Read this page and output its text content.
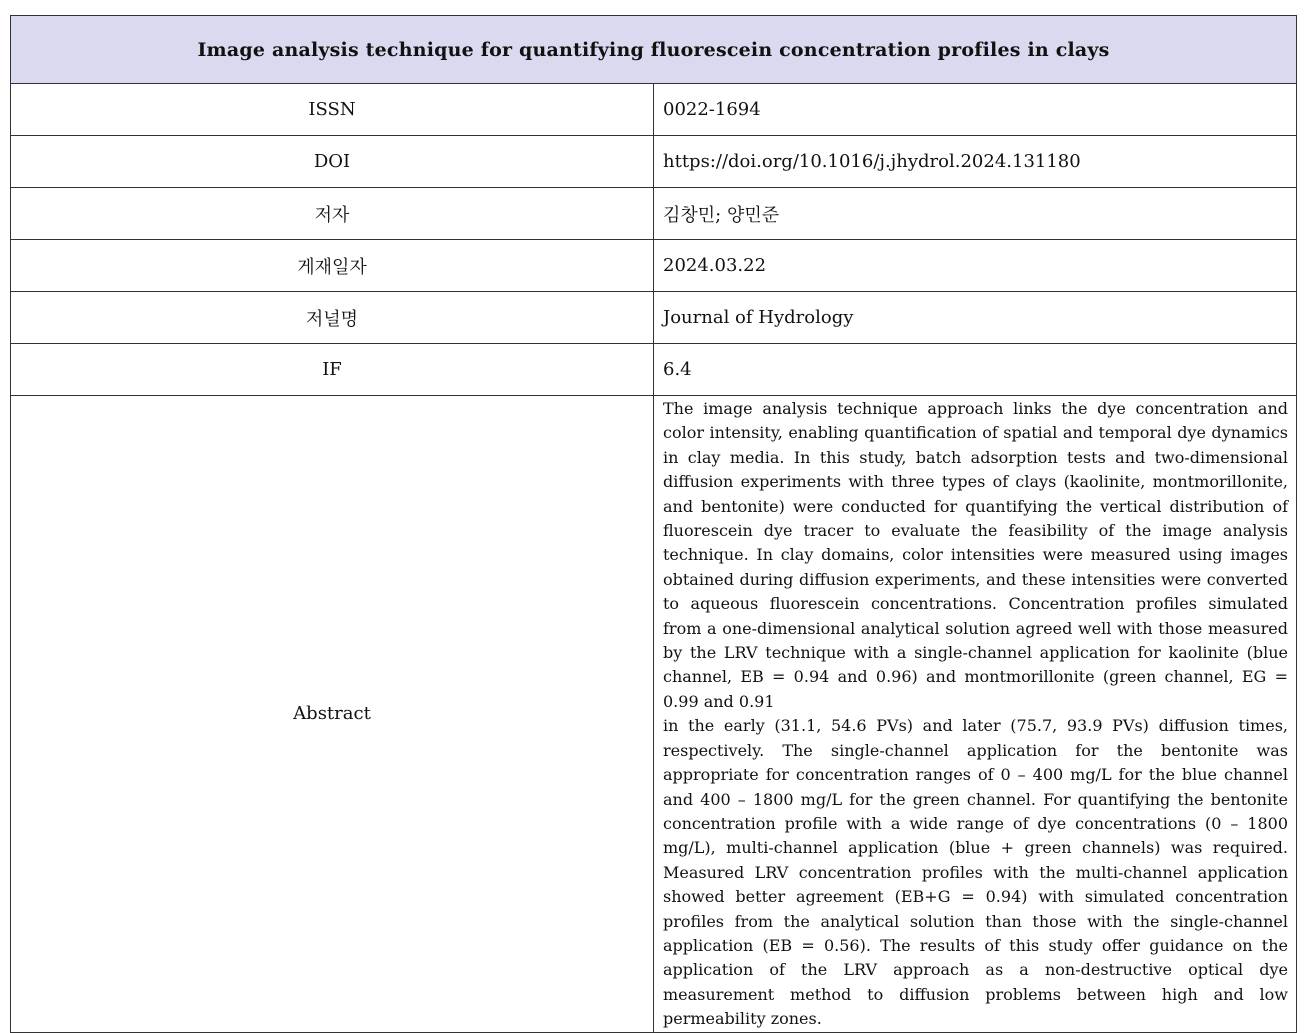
Image analysis technique for quantifying fluorescein concentration profiles in clays	
ISSN	0022-1694
DOI	https://doi.org/10.1016/j.jhydrol.2024.131180
저자	김창민; 양민준
게재일자	2024.03.22
저널명	Journal of Hydrology
IF	6.4
Abstract	The image analysis technique approach links the dye concentration and color intensity, enabling quantification of spatial and temporal dye dynamics in clay media. In this study, batch adsorption tests and two-dimensional diffusion experiments with three types of clays (kaolinite, montmorillonite, and bentonite) were conducted for quantifying the vertical distribution of fluorescein dye tracer to evaluate the feasibility of the image analysis technique. In clay domains, color intensities were measured using images obtained during diffusion experiments, and these intensities were converted to aqueous fluorescein concentrations. Concentration profiles simulated from a one-dimensional analytical solution agreed well with those measured by the LRV technique with a single-channel application for kaolinite (blue channel, EB = 0.94 and 0.96) and montmorillonite (green channel, EG = 0.99 and 0.91

in the early (31.1, 54.6 PVs) and later (75.7, 93.9 PVs) diffusion times, respectively. The single-channel application for the bentonite was appropriate for concentration ranges of 0 – 400 mg/L for the blue channel and 400 – 1800 mg/L for the green channel. For quantifying the bentonite concentration profile with a wide range of dye concentrations (0 – 1800 mg/L), multi-channel application (blue + green channels) was required. Measured LRV concentration profiles with the multi-channel application showed better agreement (EB+G = 0.94) with simulated concentration profiles from the analytical solution than those with the single-channel application (EB = 0.56). The results of this study offer guidance on the application of the LRV approach as a non-destructive optical dye measurement method to diffusion problems between high and low permeability zones.
